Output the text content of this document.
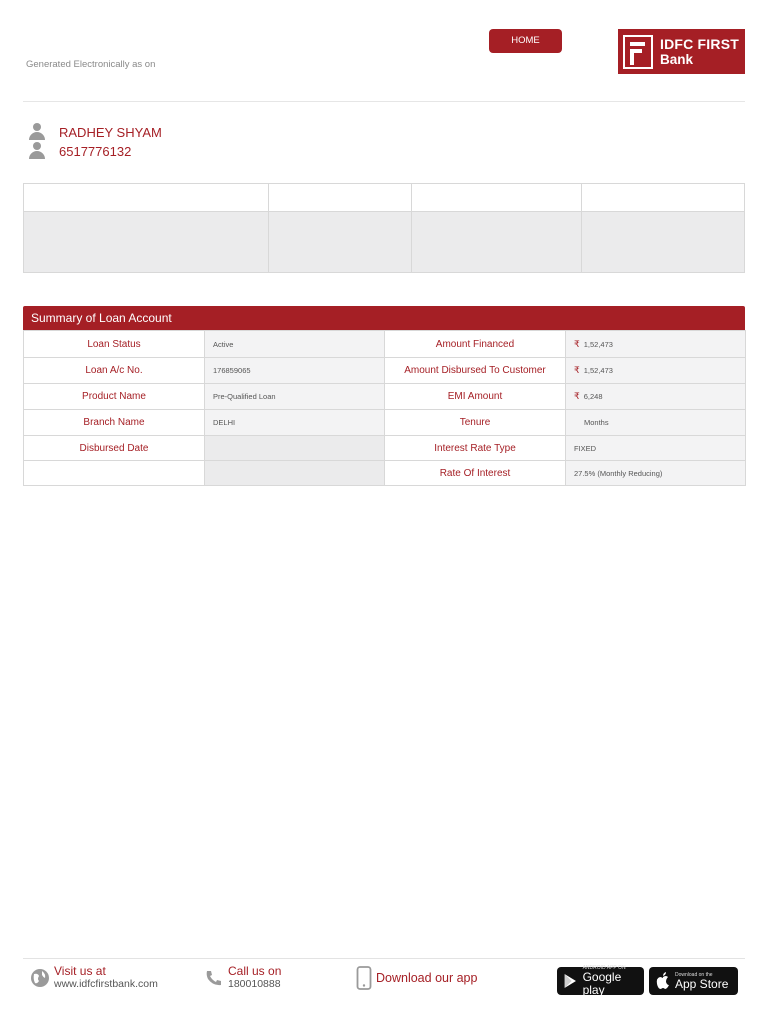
Generated Electronically as on
HOME	IDFC FIRST
Bank
RADHEY SHYAM
6517776132
Summary of Loan Account
Loan Status	Active	Amount Financed	₹ 1,52,473
Loan A/c No.	176859065	Amount Disbursed To Customer	₹ 1,52,473
Product Name	Pre-Qualified Loan	EMI Amount	₹ 6,248
Branch Name	DELHI	Tenure	Months
Disbursed Date		Interest Rate Type	FIXED
		Rate Of Interest	27.5% (Monthly Reducing)
Visit us at
www.idfcfirstbank.com
Call us on
180010888	Download our app
ANDROID APP ON
Google play
Download on the
App Store
